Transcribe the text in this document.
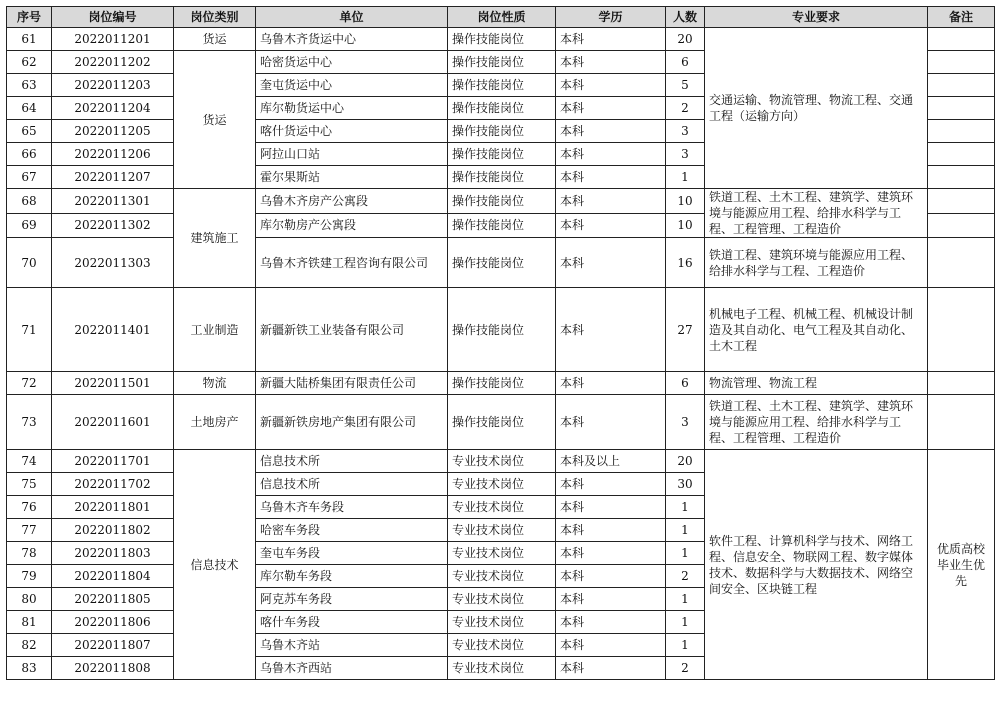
序号	岗位编号	岗位类别	单位	岗位性质	学历	人数	专业要求	备注
61	2022011201	货运	乌鲁木齐货运中心	操作技能岗位	本科	20	交通运输、物流管理、物流工程、交通工程（运输方向）	
62	2022011202	货运	哈密货运中心	操作技能岗位	本科	6		
63	2022011203		奎屯货运中心	操作技能岗位	本科	5		
64	2022011204		库尔勒货运中心	操作技能岗位	本科	2		
65	2022011205		喀什货运中心	操作技能岗位	本科	3		
66	2022011206		阿拉山口站	操作技能岗位	本科	3		
67	2022011207		霍尔果斯站	操作技能岗位	本科	1		
68	2022011301	建筑施工	乌鲁木齐房产公寓段	操作技能岗位	本科	10	铁道工程、土木工程、建筑学、建筑环境与能源应用工程、给排水科学与工程、工程管理、工程造价	
69	2022011302		库尔勒房产公寓段	操作技能岗位	本科	10		
70	2022011303		乌鲁木齐铁建工程咨询有限公司	操作技能岗位	本科	16	铁道工程、建筑环境与能源应用工程、给排水科学与工程、工程造价	
71	2022011401	工业制造	新疆新铁工业装备有限公司	操作技能岗位	本科	27	机械电子工程、机械工程、机械设计制造及其自动化、电气工程及其自动化、土木工程	
72	2022011501	物流	新疆大陆桥集团有限责任公司	操作技能岗位	本科	6	物流管理、物流工程	
73	2022011601	土地房产	新疆新铁房地产集团有限公司	操作技能岗位	本科	3	铁道工程、土木工程、建筑学、建筑环境与能源应用工程、给排水科学与工程、工程管理、工程造价	
74	2022011701	信息技术	信息技术所	专业技术岗位	本科及以上	20	软件工程、计算机科学与技术、网络工程、信息安全、物联网工程、数字媒体技术、数据科学与大数据技术、网络空间安全、区块链工程	优质高校毕业生优先
75	2022011702		信息技术所	专业技术岗位	本科	30		
76	2022011801		乌鲁木齐车务段	专业技术岗位	本科	1		
77	2022011802		哈密车务段	专业技术岗位	本科	1		
78	2022011803		奎屯车务段	专业技术岗位	本科	1		
79	2022011804		库尔勒车务段	专业技术岗位	本科	2		
80	2022011805		阿克苏车务段	专业技术岗位	本科	1		
81	2022011806		喀什车务段	专业技术岗位	本科	1		
82	2022011807		乌鲁木齐站	专业技术岗位	本科	1		
83	2022011808		乌鲁木齐西站	专业技术岗位	本科	2		
